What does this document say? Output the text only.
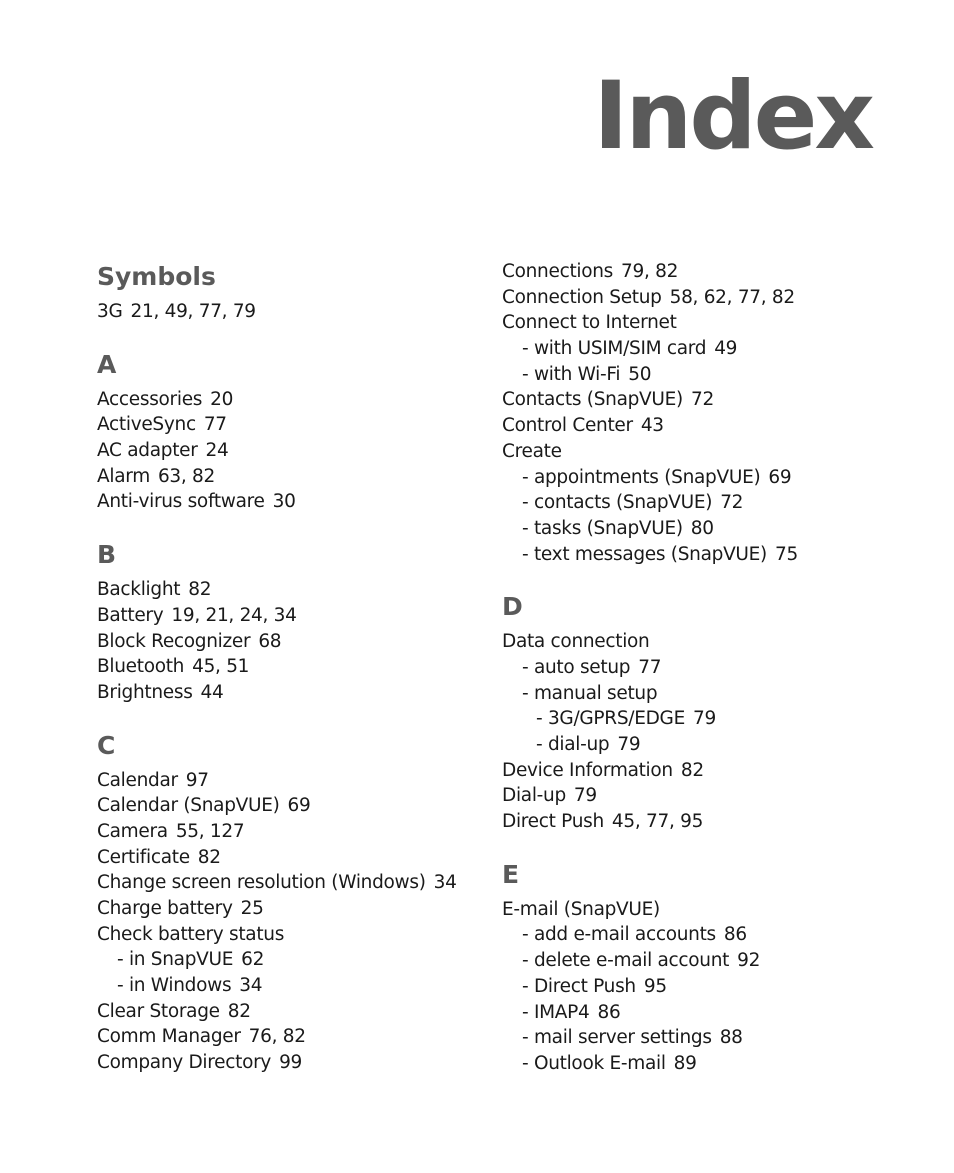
Index
Symbols
3G 21, 49, 77, 79
A
Accessories 20
ActiveSync 77
AC adapter 24
Alarm 63, 82
Anti-virus software 30
B
Backlight 82
Battery 19, 21, 24, 34
Block Recognizer 68
Bluetooth 45, 51
Brightness 44
C
Calendar 97
Calendar (SnapVUE) 69
Camera 55, 127
Certificate 82
Change screen resolution (Windows) 34
Charge battery 25
Check battery status
- in SnapVUE 62
- in Windows 34
Clear Storage 82
Comm Manager 76, 82
Company Directory 99
Connections 79, 82
Connection Setup 58, 62, 77, 82
Connect to Internet
- with USIM/SIM card 49
- with Wi-Fi 50
Contacts (SnapVUE) 72
Control Center 43
Create
- appointments (SnapVUE) 69
- contacts (SnapVUE) 72
- tasks (SnapVUE) 80
- text messages (SnapVUE) 75
D
Data connection
- auto setup 77
- manual setup
- 3G/GPRS/EDGE 79
- dial-up 79
Device Information 82
Dial-up 79
Direct Push 45, 77, 95
E
E-mail (SnapVUE)
- add e-mail accounts 86
- delete e-mail account 92
- Direct Push 95
- IMAP4 86
- mail server settings 88
- Outlook E-mail 89
